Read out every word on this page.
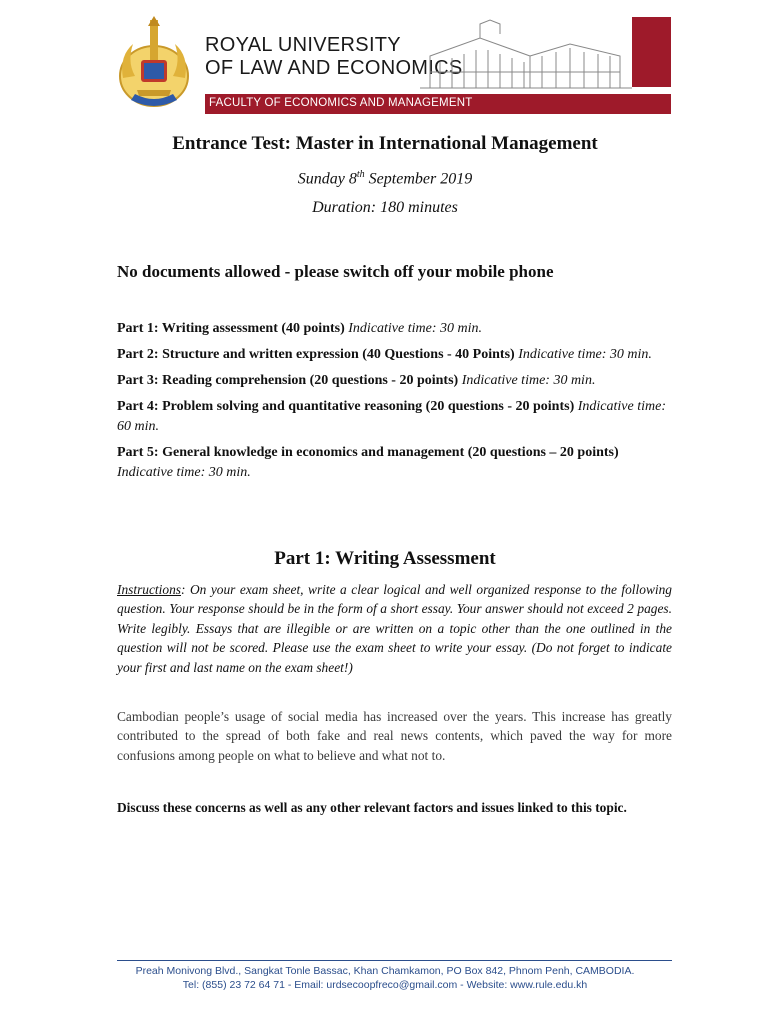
ROYAL UNIVERSITY
OF LAW AND ECONOMICS
FACULTY OF ECONOMICS AND MANAGEMENT
Entrance Test: Master in International Management
Sunday 8th September 2019
Duration: 180 minutes
No documents allowed - please switch off your mobile phone
Part 1: Writing assessment (40 points) Indicative time: 30 min.
Part 2: Structure and written expression (40 Questions - 40 Points) Indicative time: 30 min.
Part 3: Reading comprehension (20 questions - 20 points) Indicative time: 30 min.
Part 4: Problem solving and quantitative reasoning (20 questions - 20 points) Indicative time: 60 min.
Part 5: General knowledge in economics and management (20 questions – 20 points) Indicative time: 30 min.
Part 1: Writing Assessment
Instructions: On your exam sheet, write a clear logical and well organized response to the following question. Your response should be in the form of a short essay. Your answer should not exceed 2 pages. Write legibly. Essays that are illegible or are written on a topic other than the one outlined in the question will not be scored. Please use the exam sheet to write your essay. (Do not forget to indicate your first and last name on the exam sheet!)
Cambodian people’s usage of social media has increased over the years. This increase has greatly contributed to the spread of both fake and real news contents, which paved the way for more confusions among people on what to believe and what not to.
Discuss these concerns as well as any other relevant factors and issues linked to this topic.
Preah Monivong Blvd., Sangkat Tonle Bassac, Khan Chamkamon, PO Box 842, Phnom Penh, CAMBODIA.
Tel: (855) 23 72 64 71 - Email: urdsecoopfreco@gmail.com - Website: www.rule.edu.kh
